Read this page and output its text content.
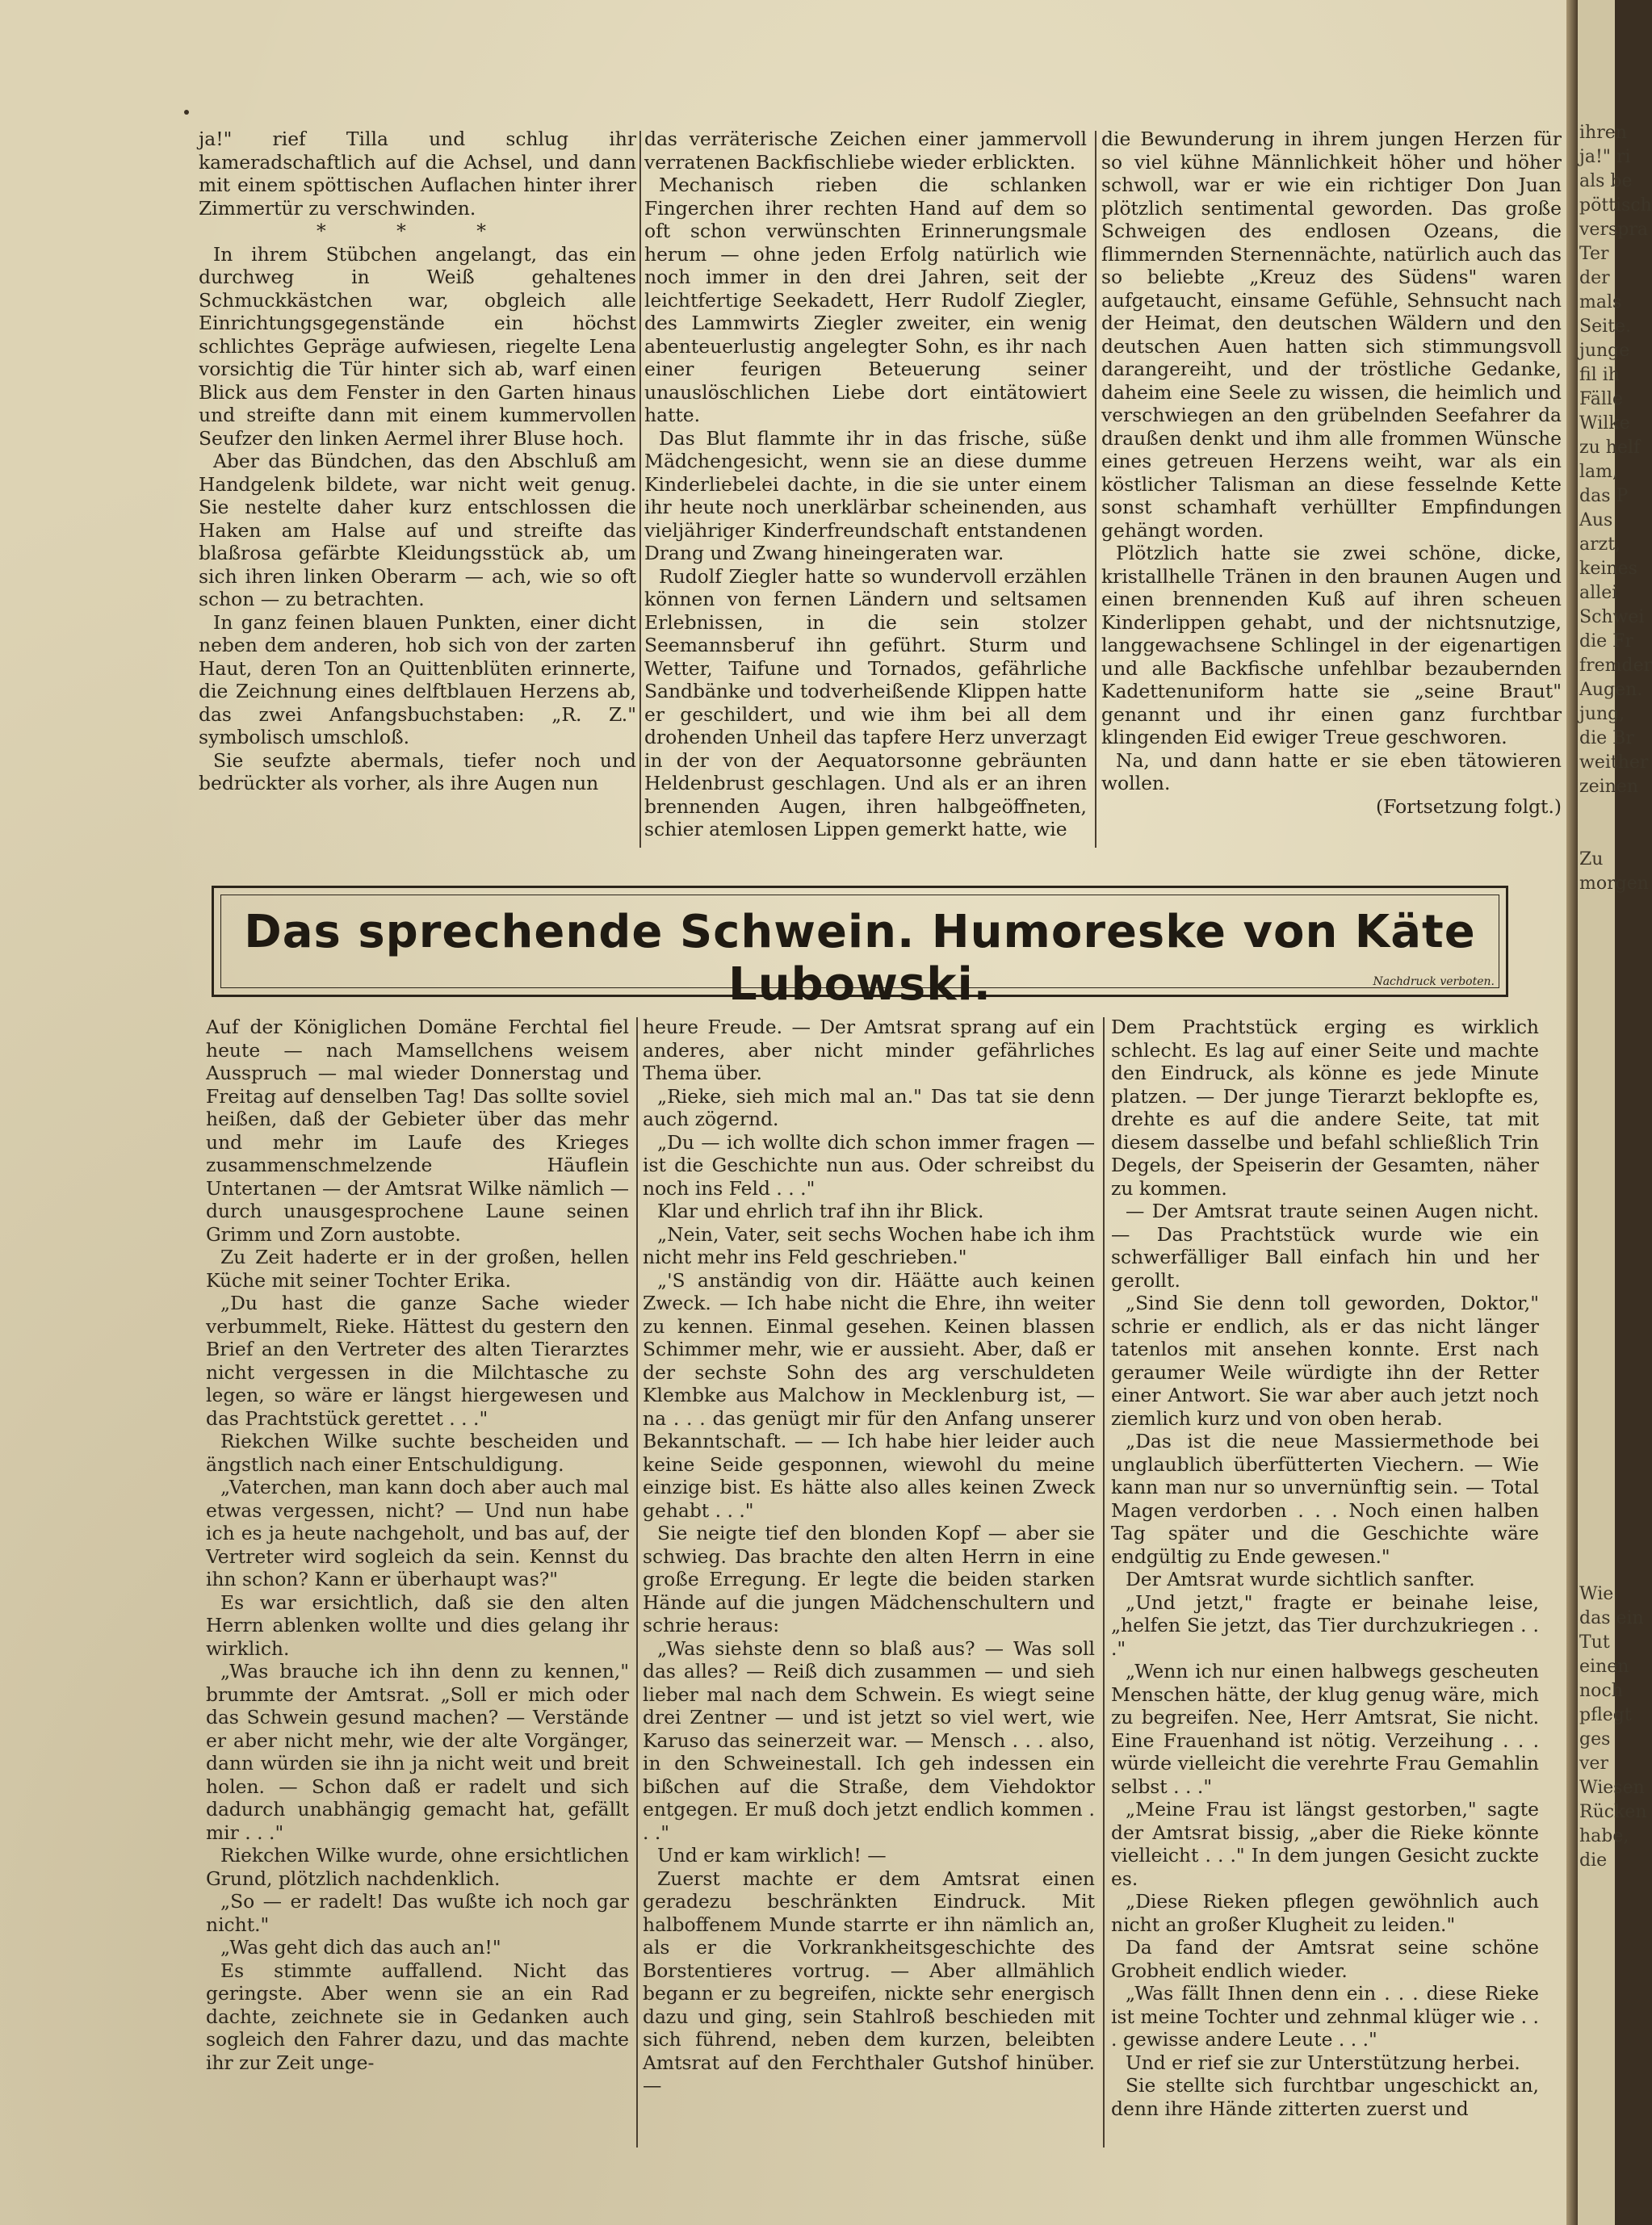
ja!" rief Tilla und schlug ihr kameradschaftlich auf die Achsel, und dann mit einem spöttischen Auflachen hinter ihrer Zimmertür zu verschwinden.

* * *

In ihrem Stübchen angelangt, das ein durchweg in Weiß gehaltenes Schmuckkästchen war, obgleich alle Einrichtungsgegenstände ein höchst schlichtes Gepräge aufwiesen, riegelte Lena vorsichtig die Tür hinter sich ab, warf einen Blick aus dem Fenster in den Garten hinaus und streifte dann mit einem kummervollen Seufzer den linken Aermel ihrer Bluse hoch.

Aber das Bündchen, das den Abschluß am Handgelenk bildete, war nicht weit genug. Sie nestelte daher kurz entschlossen die Haken am Halse auf und streifte das blaßrosa gefärbte Kleidungsstück ab, um sich ihren linken Oberarm — ach, wie so oft schon — zu betrachten.

In ganz feinen blauen Punkten, einer dicht neben dem anderen, hob sich von der zarten Haut, deren Ton an Quittenblüten erinnerte, die Zeichnung eines delftblauen Herzens ab, das zwei Anfangsbuchstaben: „R. Z." symbolisch umschloß.

Sie seufzte abermals, tiefer noch und bedrückter als vorher, als ihre Augen nun

das verräterische Zeichen einer jammervoll verratenen Backfischliebe wieder erblickten.

Mechanisch rieben die schlanken Fingerchen ihrer rechten Hand auf dem so oft schon verwünschten Erinnerungsmale herum — ohne jeden Erfolg natürlich wie noch immer in den drei Jahren, seit der leichtfertige Seekadett, Herr Rudolf Ziegler, des Lammwirts Ziegler zweiter, ein wenig abenteuerlustig angelegter Sohn, es ihr nach einer feurigen Beteuerung seiner unauslöschlichen Liebe dort eintätowiert hatte.

Das Blut flammte ihr in das frische, süße Mädchengesicht, wenn sie an diese dumme Kinderliebelei dachte, in die sie unter einem ihr heute noch unerklärbar scheinenden, aus vieljähriger Kinderfreundschaft entstandenen Drang und Zwang hineingeraten war.

Rudolf Ziegler hatte so wundervoll erzählen können von fernen Ländern und seltsamen Erlebnissen, in die sein stolzer Seemannsberuf ihn geführt. Sturm und Wetter, Taifune und Tornados, gefährliche Sandbänke und todverheißende Klippen hatte er geschildert, und wie ihm bei all dem drohenden Unheil das tapfere Herz unverzagt in der von der Aequatorsonne gebräunten Heldenbrust geschlagen. Und als er an ihren brennenden Augen, ihren halbgeöffneten, schier atemlosen Lippen gemerkt hatte, wie

die Bewunderung in ihrem jungen Herzen für so viel kühne Männlichkeit höher und höher schwoll, war er wie ein richtiger Don Juan plötzlich sentimental geworden. Das große Schweigen des endlosen Ozeans, die flimmernden Sternennächte, natürlich auch das so beliebte „Kreuz des Südens" waren aufgetaucht, einsame Gefühle, Sehnsucht nach der Heimat, den deutschen Wäldern und den deutschen Auen hatten sich stimmungsvoll darangereiht, und der tröstliche Gedanke, daheim eine Seele zu wissen, die heimlich und verschwiegen an den grübelnden Seefahrer da draußen denkt und ihm alle frommen Wünsche eines getreuen Herzens weiht, war als ein köstlicher Talisman an diese fesselnde Kette sonst schamhaft verhüllter Empfindungen gehängt worden.

Plötzlich hatte sie zwei schöne, dicke, kristallhelle Tränen in den braunen Augen und einen brennenden Kuß auf ihren scheuen Kinderlippen gehabt, und der nichtsnutzige, langgewachsene Schlingel in der eigenartigen und alle Backfische unfehlbar bezaubernden Kadettenuniform hatte sie „seine Braut" genannt und ihr einen ganz furchtbar klingenden Eid ewiger Treue geschworen.

Na, und dann hatte er sie eben tätowieren wollen.

(Fortsetzung folgt.)

Das sprechende Schwein. Humoreske von Käte Lubowski.	Nachdruck verboten.

Auf der Königlichen Domäne Ferchtal fiel heute — nach Mamsellchens weisem Ausspruch — mal wieder Donnerstag und Freitag auf denselben Tag! Das sollte soviel heißen, daß der Gebieter über das mehr und mehr im Laufe des Krieges zusammenschmelzende Häuflein Untertanen — der Amtsrat Wilke nämlich — durch unausgesprochene Laune seinen Grimm und Zorn austobte.

Zu Zeit haderte er in der großen, hellen Küche mit seiner Tochter Erika.

„Du hast die ganze Sache wieder verbummelt, Rieke. Hättest du gestern den Brief an den Vertreter des alten Tierarztes nicht vergessen in die Milchtasche zu legen, so wäre er längst hiergewesen und das Prachtstück gerettet . . ."

Riekchen Wilke suchte bescheiden und ängstlich nach einer Entschuldigung.

„Vaterchen, man kann doch aber auch mal etwas vergessen, nicht? — Und nun habe ich es ja heute nachgeholt, und bas auf, der Vertreter wird sogleich da sein. Kennst du ihn schon? Kann er überhaupt was?"

Es war ersichtlich, daß sie den alten Herrn ablenken wollte und dies gelang ihr wirklich.

„Was brauche ich ihn denn zu kennen," brummte der Amtsrat. „Soll er mich oder das Schwein gesund machen? — Verstände er aber nicht mehr, wie der alte Vorgänger, dann würden sie ihn ja nicht weit und breit holen. — Schon daß er radelt und sich dadurch unabhängig gemacht hat, gefällt mir . . ."

Riekchen Wilke wurde, ohne ersichtlichen Grund, plötzlich nachdenklich.

„So — er radelt! Das wußte ich noch gar nicht."

„Was geht dich das auch an!"

Es stimmte auffallend. Nicht das geringste. Aber wenn sie an ein Rad dachte, zeichnete sie in Gedanken auch sogleich den Fahrer dazu, und das machte ihr zur Zeit unge-

heure Freude. — Der Amtsrat sprang auf ein anderes, aber nicht minder gefährliches Thema über.

„Rieke, sieh mich mal an." Das tat sie denn auch zögernd.

„Du — ich wollte dich schon immer fragen — ist die Geschichte nun aus. Oder schreibst du noch ins Feld . . ."

Klar und ehrlich traf ihn ihr Blick.

„Nein, Vater, seit sechs Wochen habe ich ihm nicht mehr ins Feld geschrieben."

„'S anständig von dir. Häätte auch keinen Zweck. — Ich habe nicht die Ehre, ihn weiter zu kennen. Einmal gesehen. Keinen blassen Schimmer mehr, wie er aussieht. Aber, daß er der sechste Sohn des arg verschuldeten Klembke aus Malchow in Mecklenburg ist, — na . . . das genügt mir für den Anfang unserer Bekanntschaft. — — Ich habe hier leider auch keine Seide gesponnen, wiewohl du meine einzige bist. Es hätte also alles keinen Zweck gehabt . . ."

Sie neigte tief den blonden Kopf — aber sie schwieg. Das brachte den alten Herrn in eine große Erregung. Er legte die beiden starken Hände auf die jungen Mädchenschultern und schrie heraus:

„Was siehste denn so blaß aus? — Was soll das alles? — Reiß dich zusammen — und sieh lieber mal nach dem Schwein. Es wiegt seine drei Zentner — und ist jetzt so viel wert, wie Karuso das seinerzeit war. — Mensch . . . also, in den Schweinestall. Ich geh indessen ein bißchen auf die Straße, dem Viehdoktor entgegen. Er muß doch jetzt endlich kommen . . ."

Und er kam wirklich! —

Zuerst machte er dem Amtsrat einen geradezu beschränkten Eindruck. Mit halboffenem Munde starrte er ihn nämlich an, als er die Vorkrankheitsgeschichte des Borstentieres vortrug. — Aber allmählich begann er zu begreifen, nickte sehr energisch dazu und ging, sein Stahlroß beschieden mit sich führend, neben dem kurzen, beleibten Amtsrat auf den Ferchthaler Gutshof hinüber. —

Dem Prachtstück erging es wirklich schlecht. Es lag auf einer Seite und machte den Eindruck, als könne es jede Minute platzen. — Der junge Tierarzt beklopfte es, drehte es auf die andere Seite, tat mit diesem dasselbe und befahl schließlich Trin Degels, der Speiserin der Gesamten, näher zu kommen.

— Der Amtsrat traute seinen Augen nicht. — Das Prachtstück wurde wie ein schwerfälliger Ball einfach hin und her gerollt.

„Sind Sie denn toll geworden, Doktor," schrie er endlich, als er das nicht länger tatenlos mit ansehen konnte. Erst nach geraumer Weile würdigte ihn der Retter einer Antwort. Sie war aber auch jetzt noch ziemlich kurz und von oben herab.

„Das ist die neue Massiermethode bei unglaublich überfütterten Viechern. — Wie kann man nur so unvernünftig sein. — Total Magen verdorben . . . Noch einen halben Tag später und die Geschichte wäre endgültig zu Ende gewesen."

Der Amtsrat wurde sichtlich sanfter.

„Und jetzt," fragte er beinahe leise, „helfen Sie jetzt, das Tier durchzukriegen . . ."

„Wenn ich nur einen halbwegs gescheuten Menschen hätte, der klug genug wäre, mich zu begreifen. Nee, Herr Amtsrat, Sie nicht. Eine Frauenhand ist nötig. Verzeihung . . . würde vielleicht die verehrte Frau Gemahlin selbst . . ."

„Meine Frau ist längst gestorben," sagte der Amtsrat bissig, „aber die Rieke könnte vielleicht . . ." In dem jungen Gesicht zuckte es.

„Diese Rieken pflegen gewöhnlich auch nicht an großer Klugheit zu leiden."

Da fand der Amtsrat seine schöne Grobheit endlich wieder.

„Was fällt Ihnen denn ein . . . diese Rieke ist meine Tochter und zehnmal klüger wie . . . gewisse andere Leute . . ."

Und er rief sie zur Unterstützung herbei.

Sie stellte sich furchtbar ungeschickt an, denn ihre Hände zitterten zuerst und

ihren
ja!" ri
als be
pöttisch
verspra
Ter
der
mals
Seite.
junge
fil ih
Fälle
Wilke
zu helf
lam,
das P
Aus
arzt,
keines
allei
Schwei
die Fr
fremder
Augen.
jung,
die Br
weither
zeinen
Zu
morgen
Wie
das ein
Tut
einen
noch
pflegt
ges
ver
Wiesen
Rücken
habe,
die
